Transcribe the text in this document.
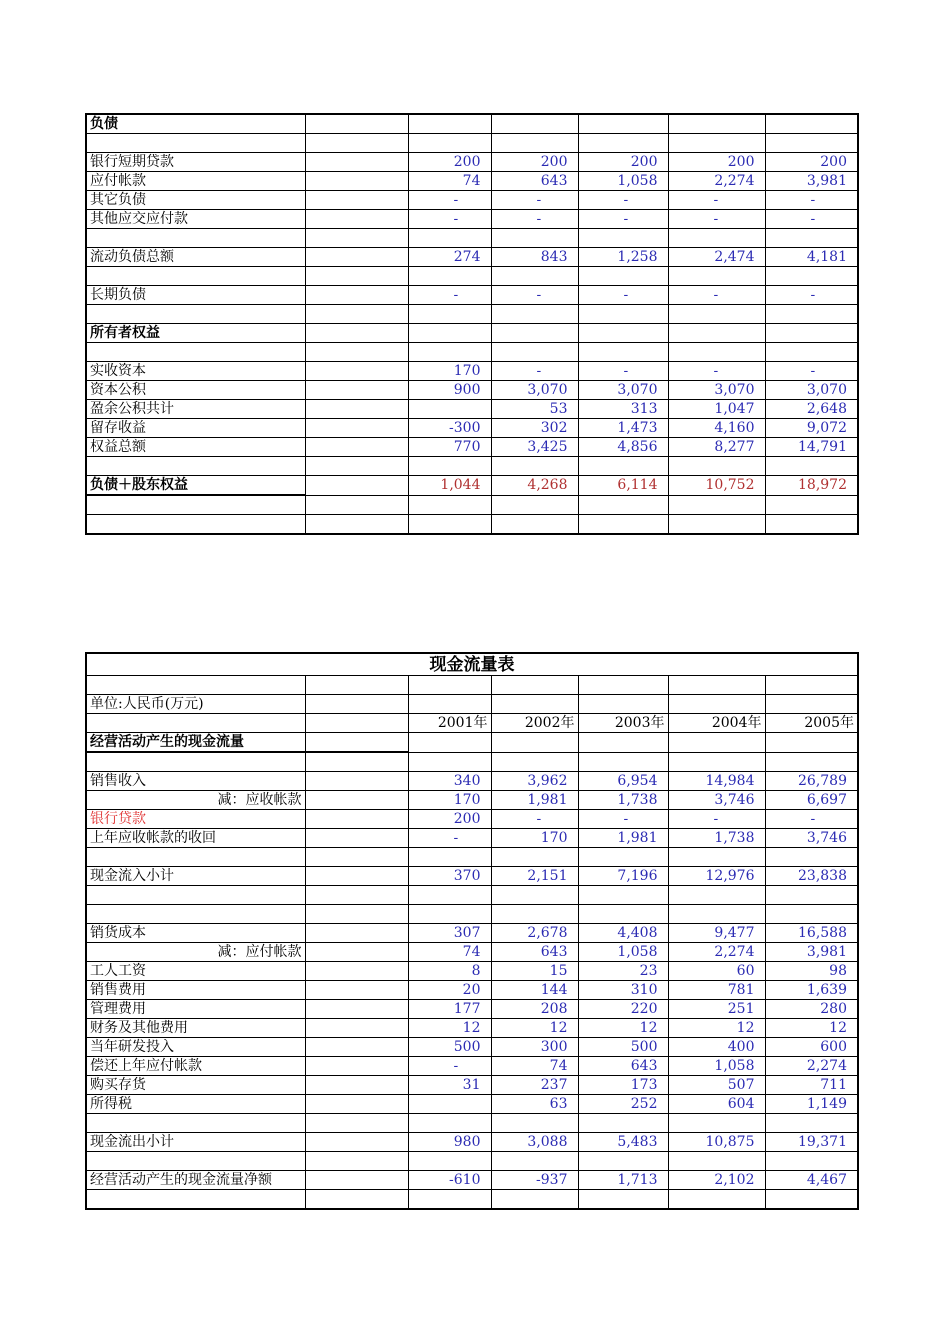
负债						

银行短期贷款		200	200	200	200	200
应付帐款		74	643	1,058	2,274	3,981
其它负债		-	-	-	-	-
其他应交应付款		-	-	-	-	-

流动负债总额		274	843	1,258	2,474	4,181

长期负债		-	-	-	-	-

所有者权益						

实收资本		170	-	-	-	-
资本公积		900	3,070	3,070	3,070	3,070
盈余公积共计			53	313	1,047	2,648
留存收益		-300	302	1,473	4,160	9,072
权益总额		770	3,425	4,856	8,277	14,791

负债＋股东权益		1,044	4,268	6,114	10,752	18,972

现金流量表						

单位:人民币(万元)						
		2001年	2002年	2003年	2004年	2005年
经营活动产生的现金流量						

销售收入		340	3,962	6,954	14,984	26,789
减：应收帐款		170	1,981	1,738	3,746	6,697
银行贷款		200	-	-	-	-
上年应收帐款的收回		-	170	1,981	1,738	3,746

现金流入小计		370	2,151	7,196	12,976	23,838

销货成本		307	2,678	4,408	9,477	16,588
减：应付帐款		74	643	1,058	2,274	3,981
工人工资		8	15	23	60	98
销售费用		20	144	310	781	1,639
管理费用		177	208	220	251	280
财务及其他费用		12	12	12	12	12
当年研发投入		500	300	500	400	600
偿还上年应付帐款		-	74	643	1,058	2,274
购买存货		31	237	173	507	711
所得税			63	252	604	1,149

现金流出小计		980	3,088	5,483	10,875	19,371

经营活动产生的现金流量净额		-610	-937	1,713	2,102	4,467
